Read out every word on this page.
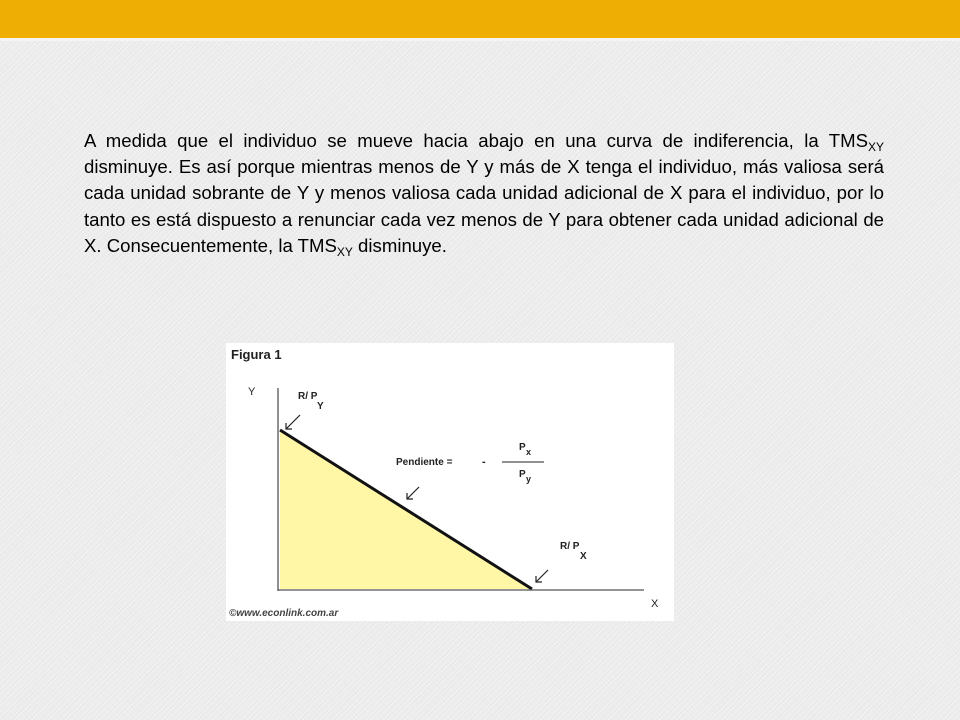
A medida que el individuo se mueve hacia abajo en una curva de indiferencia, la $TMS_{XY}$ disminuye. Es así porque mientras menos de Y y más de X tenga el individuo, más valiosa será cada unidad sobrante de Y y menos valiosa cada unidad adicional de X para el individuo, por lo tanto es está dispuesto a renunciar cada vez menos de Y para obtener cada unidad adicional de X. Consecuentemente, la $TMS_{XY}$ disminuye.

Figura 1
Y
X
R/ P
Y
Pendiente =	-
P x
P y
R/ P
X
©www.econlink.com.ar
